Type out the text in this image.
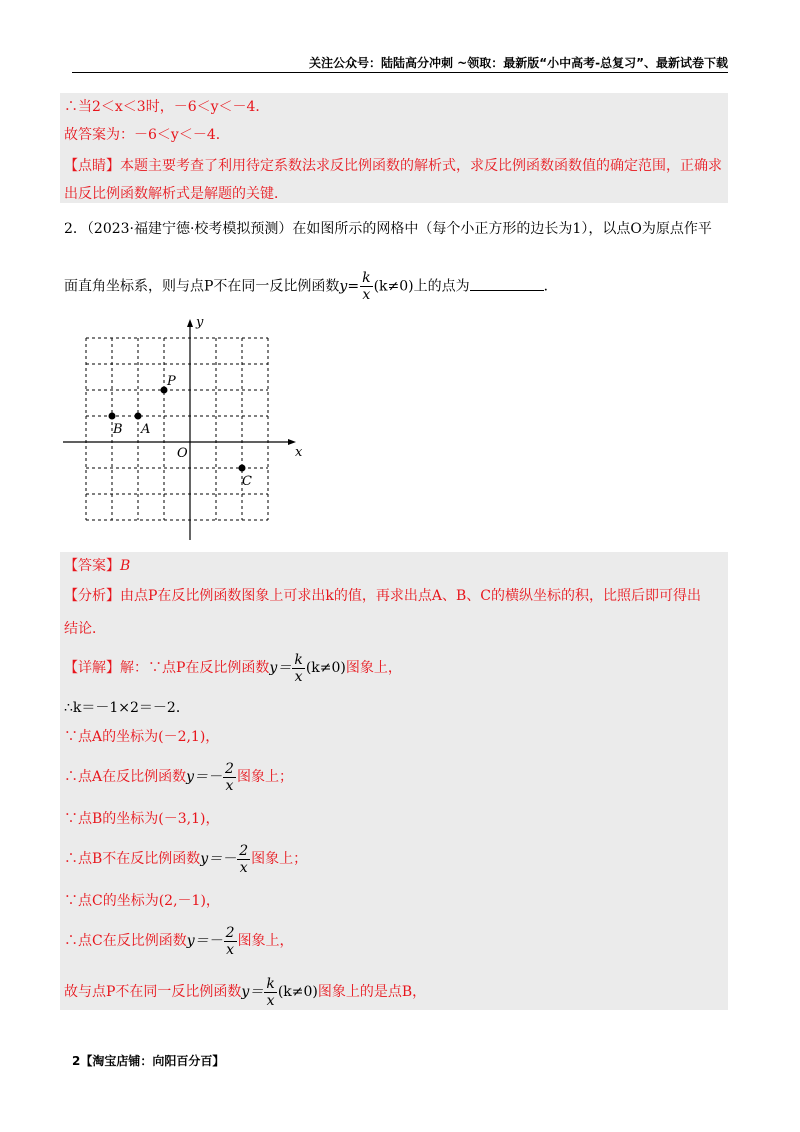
关注公众号：陆陆高分冲刺 ~领取：最新版“小中高考-总复习”、最新试卷下载
∴当2＜x＜3时，－6＜y＜－4．
故答案为：－6＜y＜－4．
【点睛】本题主要考查了利用待定系数法求反比例函数的解析式，求反比例函数函数值的确定范围，正确求
出反比例函数解析式是解题的关键．
2．（2023·福建宁德·校考模拟预测）在如图所示的网格中（每个小正方形的边长为1），以点O为原点作平
面直角坐标系，则与点P不在同一反比例函数$y= \frac{k}{x} (k\ne 0)$上的点为	．
y
x
O
P
A
B
C
【答案】B
【分析】由点P在反比例函数图象上可求出k的值，再求出点A、B、C的横纵坐标的积，比照后即可得出
结论．
【详解】解：∵点P在反比例函数$y= \frac{k}{x} (k\ne 0)$图象上，
∴k＝－1×2＝－2．
∵点A的坐标为(－2,1)，
∴点A在反比例函数$y=- \frac{2}{x}$ 图象上；
∵点B的坐标为(－3,1)，
∴点B不在反比例函数$y=- \frac{2}{x}$ 图象上；
∵点C的坐标为(2,－1)，
∴点C在反比例函数$y=- \frac{2}{x}$ 图象上，
故与点P不在同一反比例函数$y= \frac{k}{x} (k\ne 0)$图象上的是点B，
2【淘宝店铺：向阳百分百】
